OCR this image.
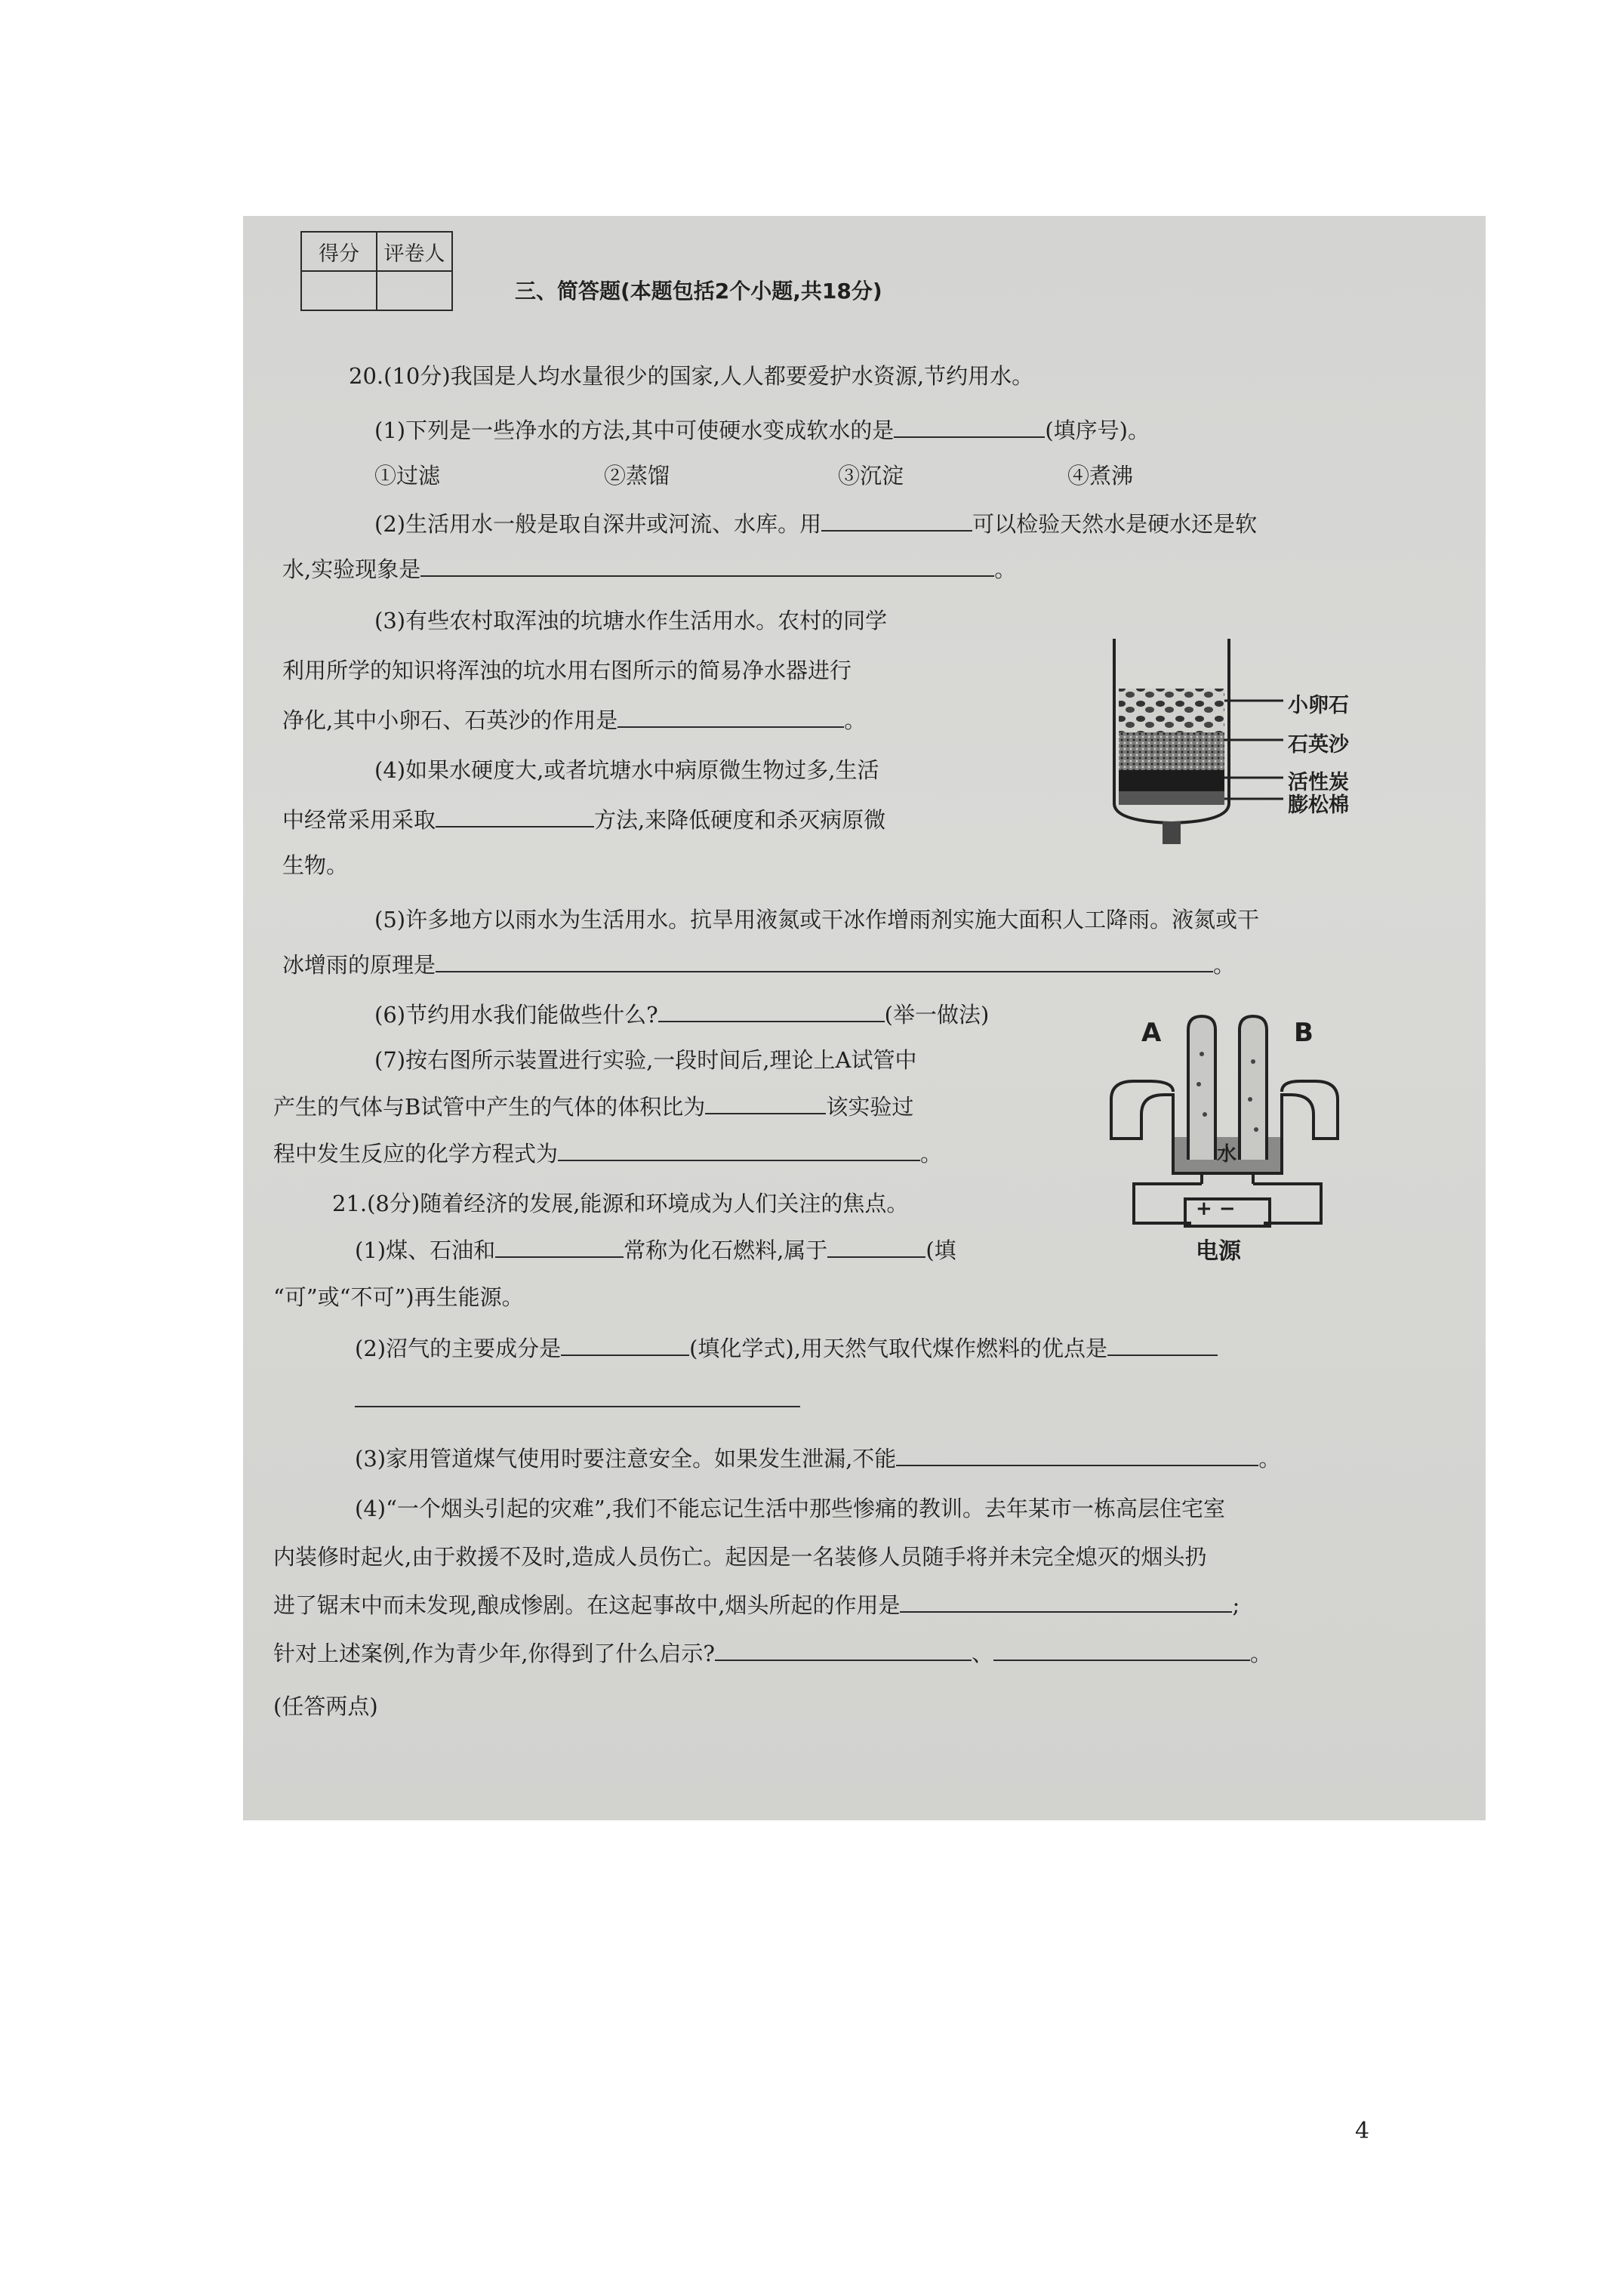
得分	评卷人

三、简答题(本题包括2个小题,共18分)
20.(10分)我国是人均水量很少的国家,人人都要爱护水资源,节约用水。
(1)下列是一些净水的方法,其中可使硬水变成软水的是	(填序号)。
①过滤	②蒸馏	③沉淀	④煮沸
(2)生活用水一般是取自深井或河流、水库。用	可以检验天然水是硬水还是软
水,实验现象是	。
(3)有些农村取浑浊的坑塘水作生活用水。农村的同学
利用所学的知识将浑浊的坑水用右图所示的简易净水器进行
净化,其中小卵石、石英沙的作用是	。
小卵石
石英沙
活性炭
膨松棉
(4)如果水硬度大,或者坑塘水中病原微生物过多,生活
中经常采用采取	方法,来降低硬度和杀灭病原微
生物。
(5)许多地方以雨水为生活用水。抗旱用液氮或干冰作增雨剂实施大面积人工降雨。液氮或干
冰增雨的原理是	。
(6)节约用水我们能做些什么?	(举一做法)
(7)按右图所示装置进行实验,一段时间后,理论上A试管中
产生的气体与B试管中产生的气体的体积比为	该实验过
程中发生反应的化学方程式为	。
A	B
水
+ −
电源
21.(8分)随着经济的发展,能源和环境成为人们关注的焦点。
(1)煤、石油和	常称为化石燃料,属于	(填
“可”或“不可”)再生能源。
(2)沼气的主要成分是	(填化学式),用天然气取代煤作燃料的优点是
(3)家用管道煤气使用时要注意安全。如果发生泄漏,不能	。
(4)“一个烟头引起的灾难”,我们不能忘记生活中那些惨痛的教训。去年某市一栋高层住宅室
内装修时起火,由于救援不及时,造成人员伤亡。起因是一名装修人员随手将并未完全熄灭的烟头扔
进了锯末中而未发现,酿成惨剧。在这起事故中,烟头所起的作用是	;
针对上述案例,作为青少年,你得到了什么启示?	、	。
(任答两点)
4
